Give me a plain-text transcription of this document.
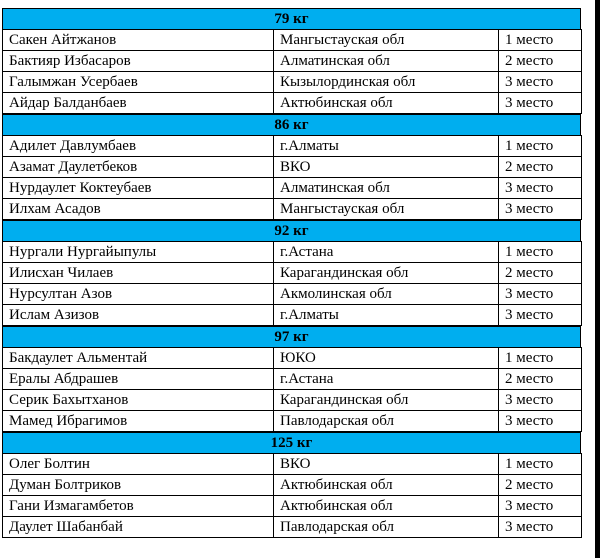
79 кг
Сакен Айтжанов	Мангыстауская обл	1 место
Бактияр Избасаров	Алматинская обл	2 место
Галымжан Усербаев	Кызылординская обл	3 место
Айдар Балданбаев	Актюбинская обл	3 место
86 кг
Адилет Давлумбаев	г.Алматы	1 место
Азамат Даулетбеков	ВКО	2 место
Нурдаулет Коктеубаев	Алматинская обл	3 место
Илхам Асадов	Мангыстауская обл	3 место
92 кг
Нургали Нургайыпулы	г.Астана	1 место
Илисхан Чилаев	Карагандинская обл	2 место
Нурсултан Азов	Акмолинская обл	3 место
Ислам Азизов	г.Алматы	3 место
97 кг
Бакдаулет Альментай	ЮКО	1 место
Ералы Абдрашев	г.Астана	2 место
Серик Бахытханов	Карагандинская обл	3 место
Мамед Ибрагимов	Павлодарская обл	3 место
125 кг
Олег Болтин	ВКО	1 место
Думан Болтриков	Актюбинская обл	2 место
Гани Измагамбетов	Актюбинская обл	3 место
Даулет Шабанбай	Павлодарская обл	3 место
